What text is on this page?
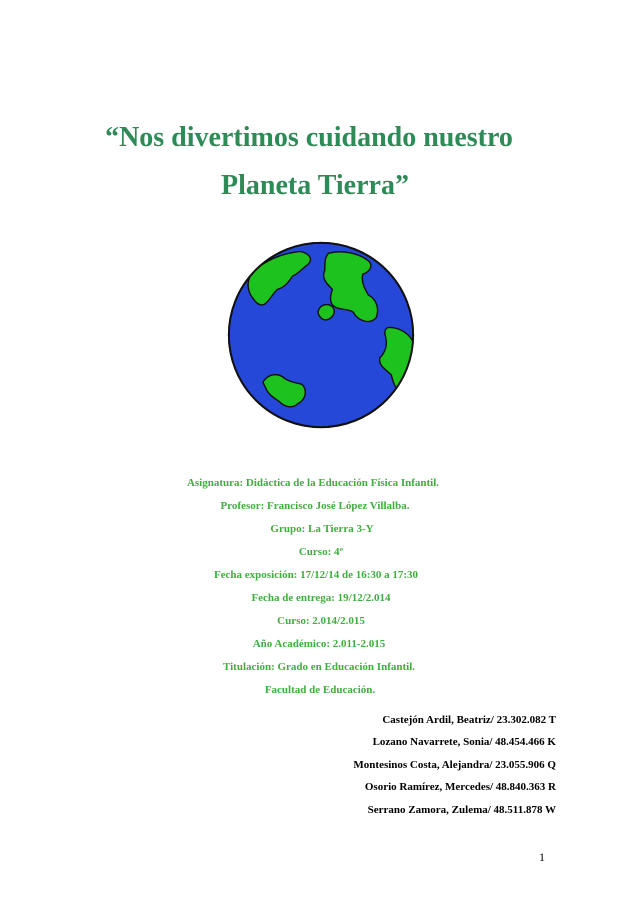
“Nos divertimos cuidando nuestro
Planeta Tierra”
Asignatura: Didáctica de la Educación Física Infantil.
Profesor: Francisco José López Villalba.
Grupo: La Tierra 3-Y
Curso: 4º
Fecha exposición: 17/12/14 de 16:30 a 17:30
Fecha de entrega: 19/12/2.014
Curso: 2.014/2.015
Año Académico: 2.011-2.015
Titulación: Grado en Educación Infantil.
Facultad de Educación.
Castejón Ardil, Beatriz/ 23.302.082 T
Lozano Navarrete, Sonia/ 48.454.466 K
Montesinos Costa, Alejandra/ 23.055.906 Q
Osorio Ramírez, Mercedes/ 48.840.363 R
Serrano Zamora, Zulema/ 48.511.878 W
1
